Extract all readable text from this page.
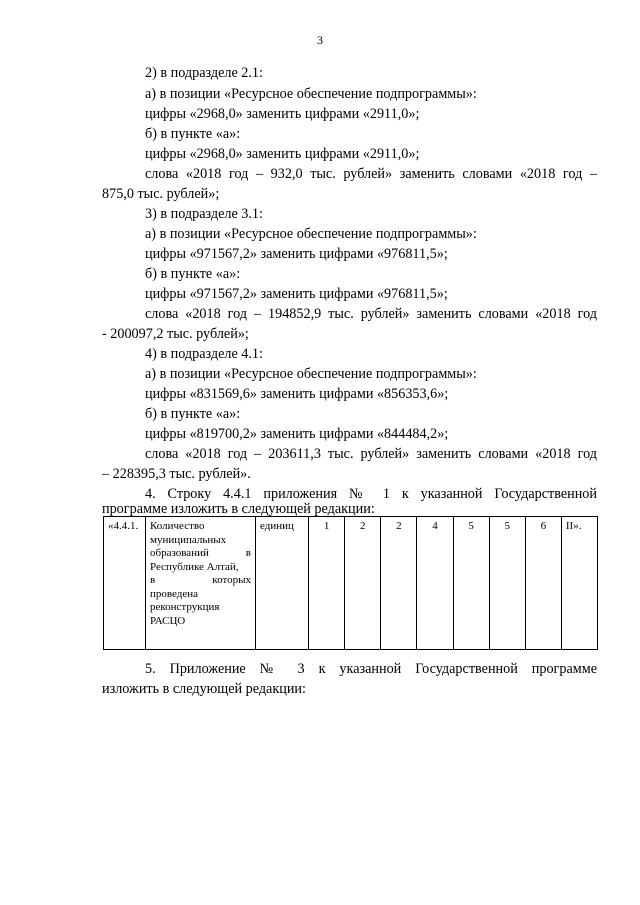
3
2) в подразделе 2.1:
а) в позиции «Ресурсное обеспечение подпрограммы»:
цифры «2968,0» заменить цифрами «2911,0»;
б) в пункте «а»:
цифры «2968,0» заменить цифрами «2911,0»;
слова «2018 год – 932,0 тыс. рублей» заменить словами «2018 год –
875,0 тыс. рублей»;
3) в подразделе 3.1:
а) в позиции «Ресурсное обеспечение подпрограммы»:
цифры «971567,2» заменить цифрами «976811,5»;
б) в пункте «а»:
цифры «971567,2» заменить цифрами «976811,5»;
слова «2018 год – 194852,9 тыс. рублей» заменить словами «2018 год
- 200097,2 тыс. рублей»;
4) в подразделе 4.1:
а) в позиции «Ресурсное обеспечение подпрограммы»:
цифры «831569,6» заменить цифрами «856353,6»;
б) в пункте «а»:
цифры «819700,2» заменить цифрами «844484,2»;
слова «2018 год – 203611,3 тыс. рублей» заменить словами «2018 год
– 228395,3 тыс. рублей».
4. Строку 4.4.1 приложения № 1 к указанной Государственной
программе изложить в следующей редакции:
«4.4.1.	Количество
муниципальных
образований в
Республике Алтай,
в которых
проведена
реконструкция
РАСЦО
	единиц	1	2	2	4	5	5	6	II».
5. Приложение № 3 к указанной Государственной программе
изложить в следующей редакции:
